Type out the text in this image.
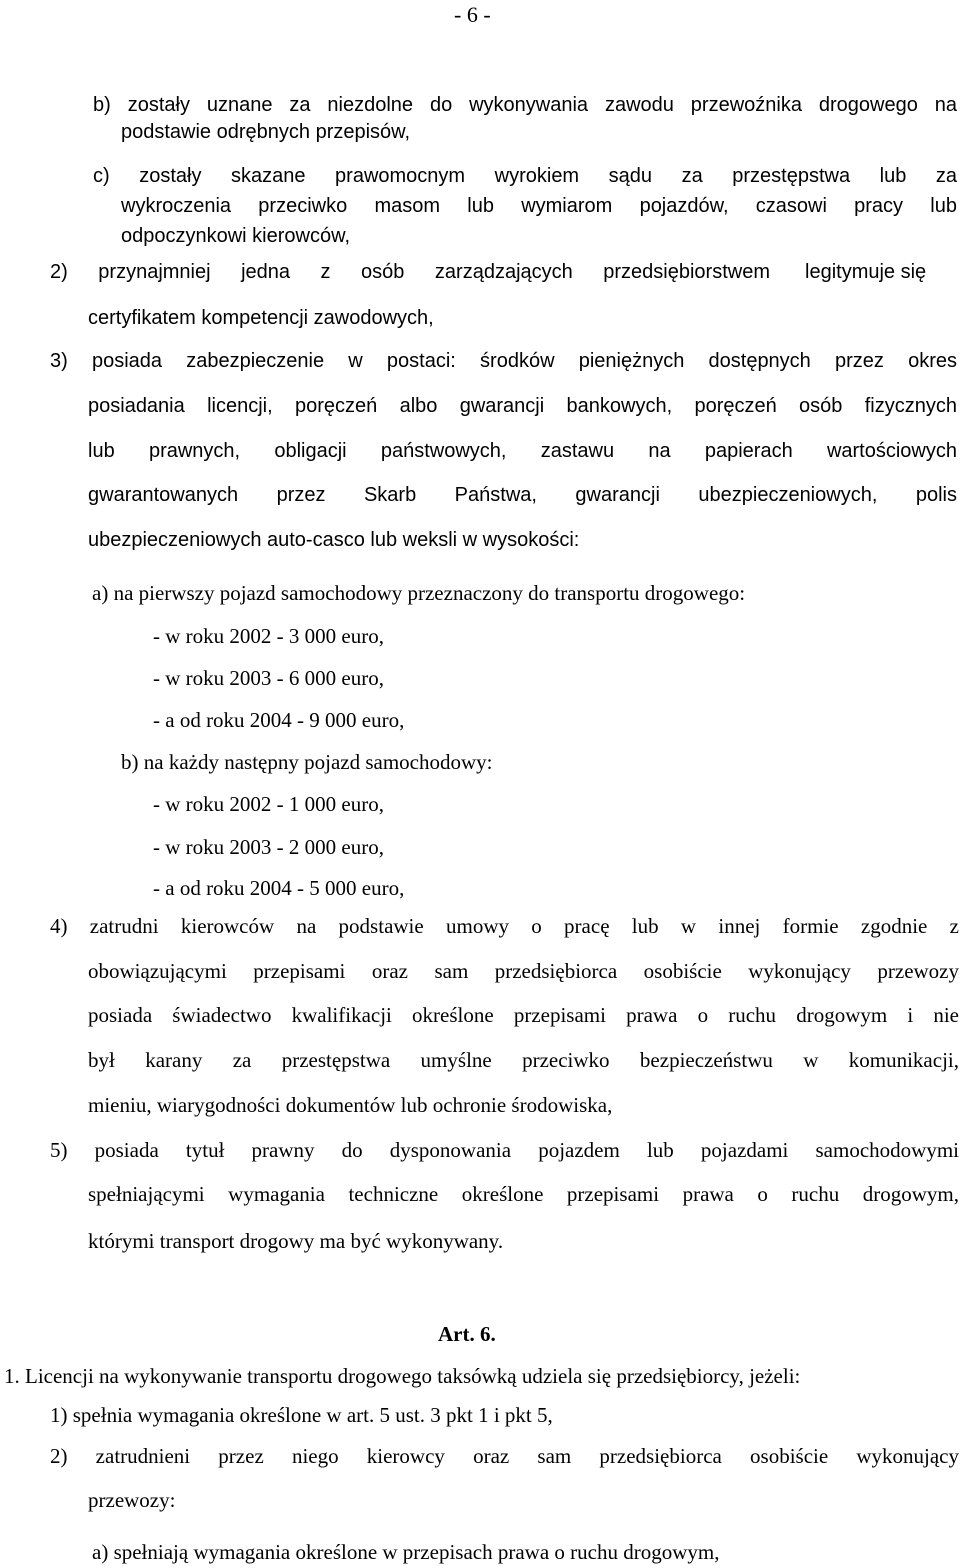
- 6 -

b) zostały uznane za niezdolne do wykonywania zawodu przewoźnika drogowego na

podstawie odrębnych przepisów,

c) zostały skazane prawomocnym wyrokiem sądu za przestępstwa lub za

wykroczenia przeciwko masom lub wymiarom pojazdów, czasowi pracy lub

odpoczynkowi kierowców,

2) przynajmniej jedna z osób zarządzających przedsiębiorstwem legitymuje się

certyfikatem kompetencji zawodowych,

3) posiada zabezpieczenie w postaci: środków pieniężnych dostępnych przez okres

posiadania licencji, poręczeń albo gwarancji bankowych, poręczeń osób fizycznych

lub prawnych, obligacji państwowych, zastawu na papierach wartościowych

gwarantowanych przez Skarb Państwa, gwarancji ubezpieczeniowych, polis

ubezpieczeniowych auto-casco lub weksli w wysokości:

a) na pierwszy pojazd samochodowy przeznaczony do transportu drogowego:

- w roku 2002 - 3 000 euro,

- w roku 2003 - 6 000 euro,

- a od roku 2004 - 9 000 euro,

b) na każdy następny pojazd samochodowy:

- w roku 2002 - 1 000 euro,

- w roku 2003 - 2 000 euro,

- a od roku 2004 - 5 000 euro,

4) zatrudni kierowców na podstawie umowy o pracę lub w innej formie zgodnie z

obowiązującymi przepisami oraz sam przedsiębiorca osobiście wykonujący przewozy

posiada świadectwo kwalifikacji określone przepisami prawa o ruchu drogowym i nie

był karany za przestępstwa umyślne przeciwko bezpieczeństwu w komunikacji,

mieniu, wiarygodności dokumentów lub ochronie środowiska,

5) posiada tytuł prawny do dysponowania pojazdem lub pojazdami samochodowymi

spełniającymi wymagania techniczne określone przepisami prawa o ruchu drogowym,

którymi transport drogowy ma być wykonywany.

Art. 6.

1. Licencji na wykonywanie transportu drogowego taksówką udziela się przedsiębiorcy, jeżeli:

1) spełnia wymagania określone w art. 5 ust. 3 pkt 1 i pkt 5,

2) zatrudnieni przez niego kierowcy oraz sam przedsiębiorca osobiście wykonujący

przewozy:

a) spełniają wymagania określone w przepisach prawa o ruchu drogowym,
